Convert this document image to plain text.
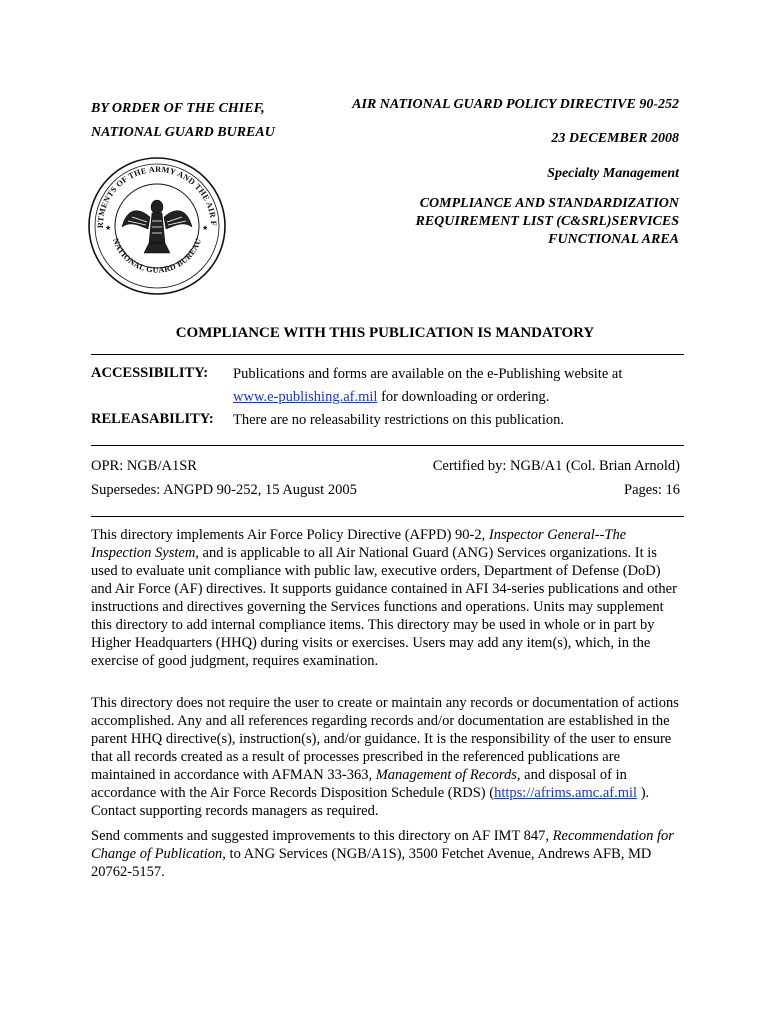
BY ORDER OF THE CHIEF,
NATIONAL GUARD BUREAU
AIR NATIONAL GUARD POLICY DIRECTIVE 90-252
23 DECEMBER 2008
Specialty Management
COMPLIANCE AND STANDARDIZATION
REQUIREMENT LIST (C&SRL)SERVICES
FUNCTIONAL AREA
RTMENTS OF THE ARMY AND THE AIR F
NATIONAL GUARD BUREAU
★	★
COMPLIANCE WITH THIS PUBLICATION IS MANDATORY
ACCESSIBILITY: Publications and forms are available on the e-Publishing website at
www.e-publishing.af.mil for downloading or ordering.
RELEASABILITY: There are no releasability restrictions on this publication.
OPR: NGB/A1SR	Certified by: NGB/A1 (Col. Brian Arnold)
Supersedes: ANGPD 90-252, 15 August 2005	Pages: 16

This directory implements Air Force Policy Directive (AFPD) 90-2, Inspector General--The Inspection System, and is applicable to all Air National Guard (ANG) Services organizations. It is used to evaluate unit compliance with public law, executive orders, Department of Defense (DoD) and Air Force (AF) directives. It supports guidance contained in AFI 34-series publications and other instructions and directives governing the Services functions and operations. Units may supplement this directory to add internal compliance items. This directory may be used in whole or in part by Higher Headquarters (HHQ) during visits or exercises. Users may add any item(s), which, in the exercise of good judgment, requires examination.

This directory does not require the user to create or maintain any records or documentation of actions accomplished. Any and all references regarding records and/or documentation are established in the parent HHQ directive(s), instruction(s), and/or guidance. It is the responsibility of the user to ensure that all records created as a result of processes prescribed in the referenced publications are maintained in accordance with AFMAN 33-363, Management of Records, and disposal of in accordance with the Air Force Records Disposition Schedule (RDS) (https://afrims.amc.af.mil ). Contact supporting records managers as required.

Send comments and suggested improvements to this directory on AF IMT 847, Recommendation for Change of Publication, to ANG Services (NGB/A1S), 3500 Fetchet Avenue, Andrews AFB, MD 20762-5157.
